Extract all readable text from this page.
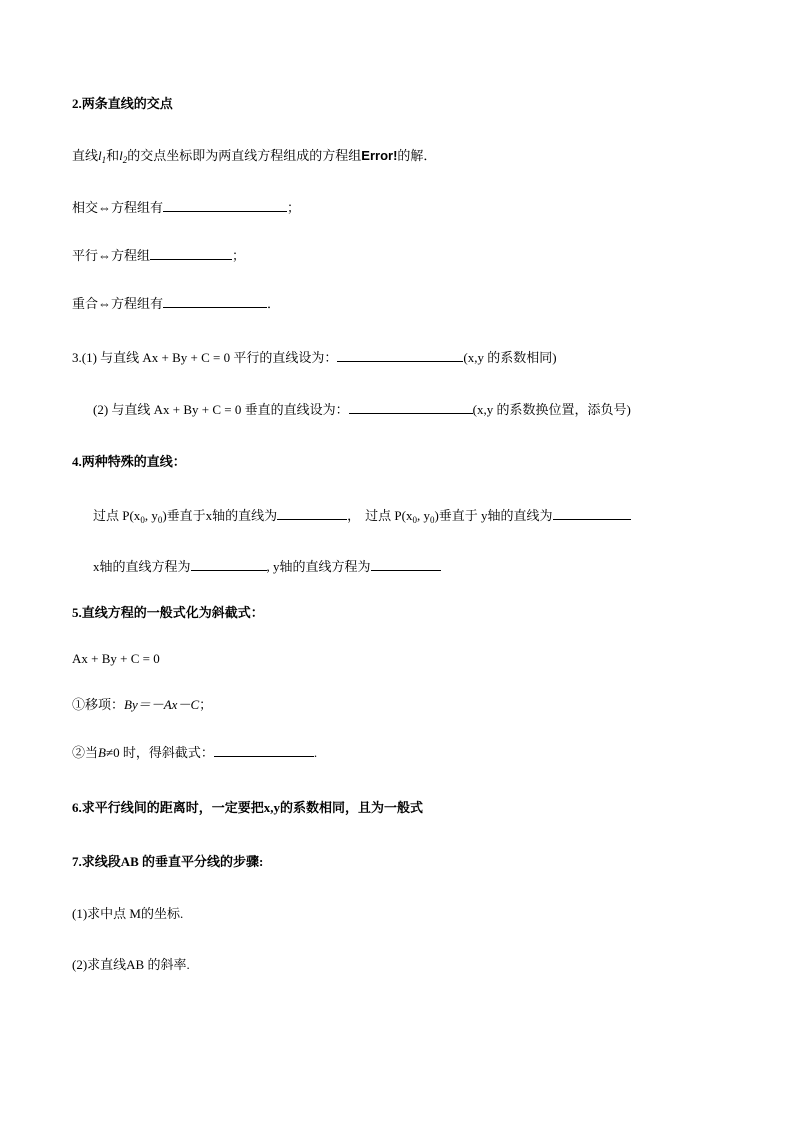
2.两条直线的交点
直线$l_1$和$l_2$的交点坐标即为两直线方程组成的方程组Error!的解．
相交⇔方程组有	；
平行⇔方程组	；
重合⇔方程组有	．
3.(1) 与直线 Ax + By + C = 0 平行的直线设为：	(x,y 的系数相同)
(2) 与直线 Ax + By + C = 0 垂直的直线设为：	(x,y 的系数换位置，添负号)
4.两种特殊的直线：
过点 $P(x_0$, $y_0$)垂直于x轴的直线为	， 过点 $P(x_0$, $y_0$)垂直于 y轴的直线为
x轴的直线方程为	, y轴的直线方程为
5.直线方程的一般式化为斜截式：
Ax + By + C = 0
①移项：By＝－Ax－C；
②当B≠0 时，得斜截式：	.
6.求平行线间的距离时，一定要把x,y的系数相同，且为一般式
7.求线段AB 的垂直平分线的步骤:
(1)求中点 M的坐标.
(2)求直线AB 的斜率.
